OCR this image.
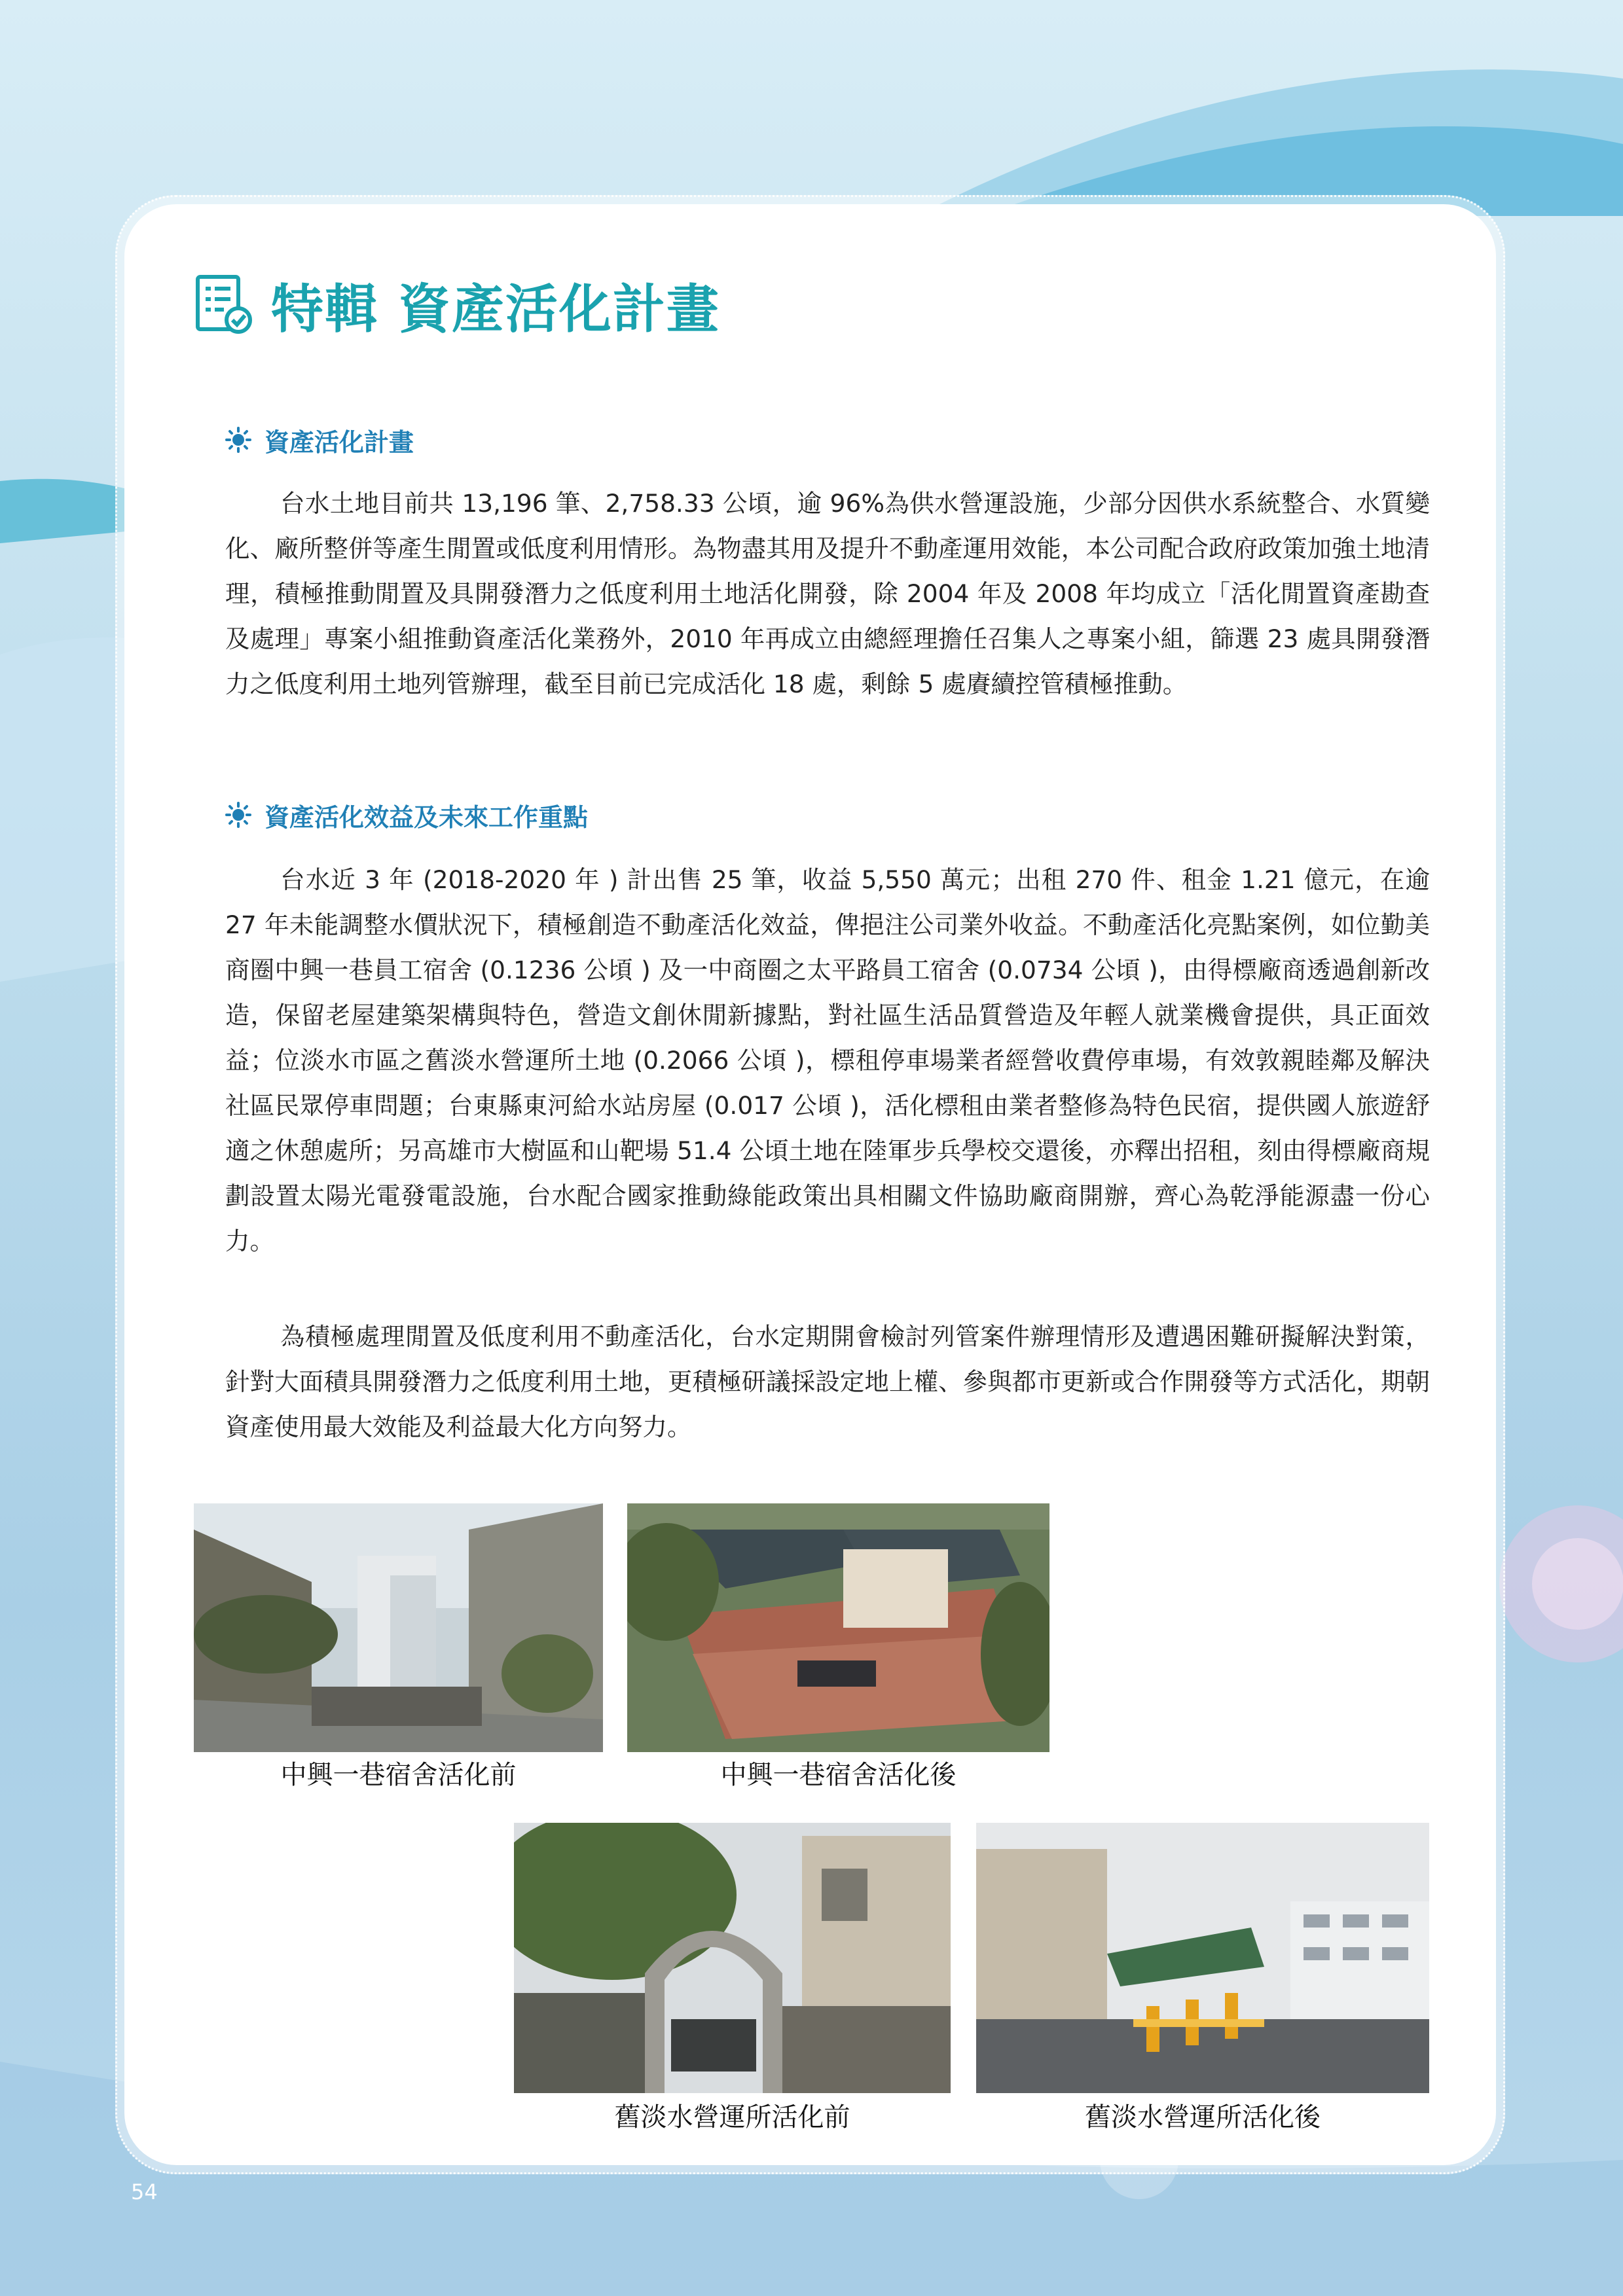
特輯 資產活化計畫
資產活化計畫

台水土地目前共 13,196 筆、2,758.33 公頃，逾 96%為供水營運設施，少部分因供水系統整合、水質變化、廠所整併等產生閒置或低度利用情形。為物盡其用及提升不動產運用效能，本公司配合政府政策加強土地清理，積極推動閒置及具開發潛力之低度利用土地活化開發，除 2004 年及 2008 年均成立「活化閒置資產勘查及處理」專案小組推動資產活化業務外，2010 年再成立由總經理擔任召集人之專案小組，篩選 23 處具開發潛力之低度利用土地列管辦理，截至目前已完成活化 18 處，剩餘 5 處賡續控管積極推動。

資產活化效益及未來工作重點

台水近 3 年 (2018-2020 年 ) 計出售 25 筆，收益 5,550 萬元；出租 270 件、租金 1.21 億元，在逾 27 年未能調整水價狀況下，積極創造不動產活化效益，俾挹注公司業外收益。不動產活化亮點案例，如位勤美商圈中興一巷員工宿舍 (0.1236 公頃 ) 及一中商圈之太平路員工宿舍 (0.0734 公頃 )，由得標廠商透過創新改造，保留老屋建築架構與特色，營造文創休閒新據點，對社區生活品質營造及年輕人就業機會提供，具正面效益；位淡水市區之舊淡水營運所土地 (0.2066 公頃 )，標租停車場業者經營收費停車場，有效敦親睦鄰及解決社區民眾停車問題；台東縣東河給水站房屋 (0.017 公頃 )，活化標租由業者整修為特色民宿，提供國人旅遊舒適之休憩處所；另高雄市大樹區和山靶場 51.4 公頃土地在陸軍步兵學校交還後，亦釋出招租，刻由得標廠商規劃設置太陽光電發電設施，台水配合國家推動綠能政策出具相關文件協助廠商開辦，齊心為乾淨能源盡一份心力。

為積極處理閒置及低度利用不動產活化，台水定期開會檢討列管案件辦理情形及遭遇困難研擬解決對策，針對大面積具開發潛力之低度利用土地，更積極研議採設定地上權、參與都市更新或合作開發等方式活化，期朝資產使用最大效能及利益最大化方向努力。

中興一巷宿舍活化前	中興一巷宿舍活化後
舊淡水營運所活化前	舊淡水營運所活化後
54
